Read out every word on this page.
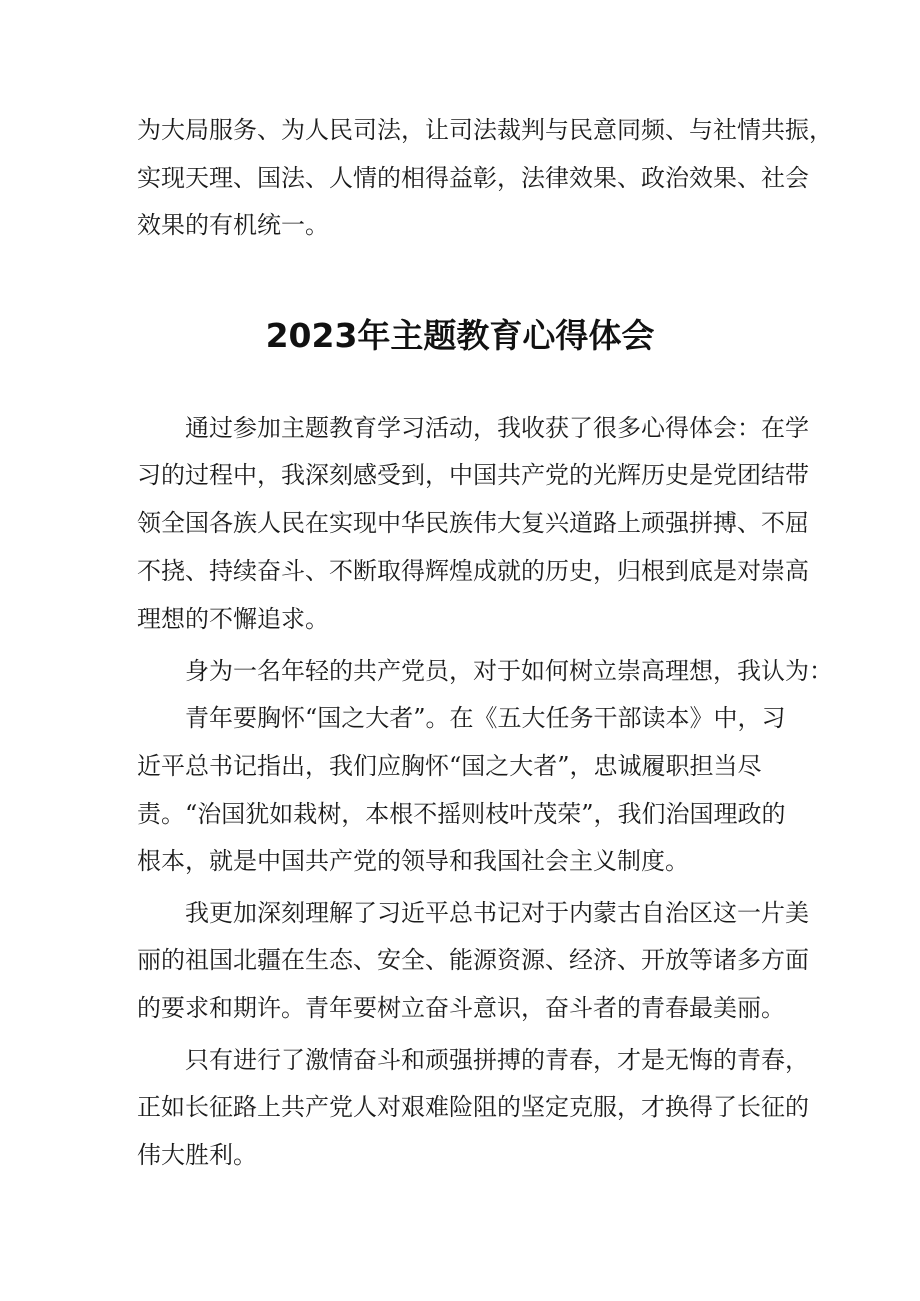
为大局服务、为人民司法，让司法裁判与民意同频、与社情共振，
实现天理、国法、人情的相得益彰，法律效果、政治效果、社会
效果的有机统一。
2023年主题教育心得体会
通过参加主题教育学习活动，我收获了很多心得体会：在学
习的过程中，我深刻感受到，中国共产党的光辉历史是党团结带
领全国各族人民在实现中华民族伟大复兴道路上顽强拼搏、不屈
不挠、持续奋斗、不断取得辉煌成就的历史，归根到底是对崇高
理想的不懈追求。
身为一名年轻的共产党员，对于如何树立崇高理想，我认为：
青年要胸怀“国之大者”。在《五大任务干部读本》中，习
近平总书记指出，我们应胸怀“国之大者”，忠诚履职担当尽
责。“治国犹如栽树，本根不摇则枝叶茂荣”，我们治国理政的
根本，就是中国共产党的领导和我国社会主义制度。
我更加深刻理解了习近平总书记对于内蒙古自治区这一片美
丽的祖国北疆在生态、安全、能源资源、经济、开放等诸多方面
的要求和期许。青年要树立奋斗意识，奋斗者的青春最美丽。
只有进行了激情奋斗和顽强拼搏的青春，才是无悔的青春，
正如长征路上共产党人对艰难险阻的坚定克服，才换得了长征的
伟大胜利。
